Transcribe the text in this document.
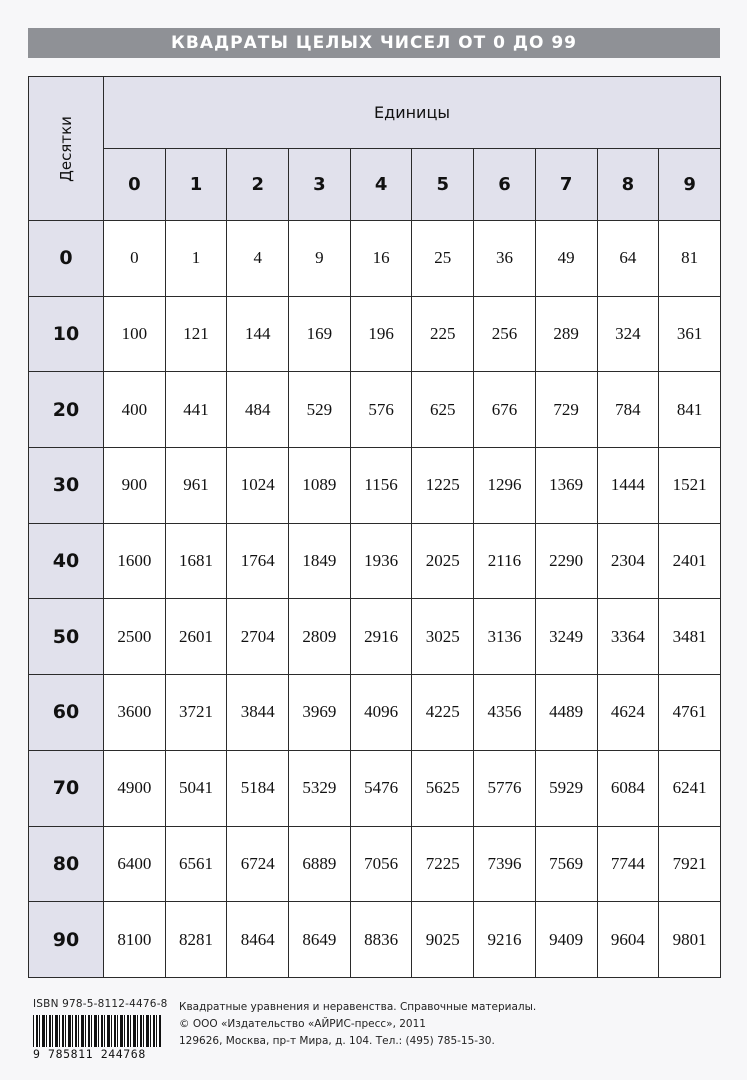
КВАДРАТЫ ЦЕЛЫХ ЧИСЕЛ ОТ 0 ДО 99
Десятки	Единицы									
	0	1	2	3	4	5	6	7	8	9
0	0	1	4	9	16	25	36	49	64	81
10	100	121	144	169	196	225	256	289	324	361
20	400	441	484	529	576	625	676	729	784	841
30	900	961	1024	1089	1156	1225	1296	1369	1444	1521
40	1600	1681	1764	1849	1936	2025	2116	2290	2304	2401
50	2500	2601	2704	2809	2916	3025	3136	3249	3364	3481
60	3600	3721	3844	3969	4096	4225	4356	4489	4624	4761
70	4900	5041	5184	5329	5476	5625	5776	5929	6084	6241
80	6400	6561	6724	6889	7056	7225	7396	7569	7744	7921
90	8100	8281	8464	8649	8836	9025	9216	9409	9604	9801
ISBN 978-5-8112-4476-8
9 785811 244768
Квадратные уравнения и неравенства. Справочные материалы.
© ООО «Издательство «АЙРИС-пресс», 2011
129626, Москва, пр-т Мира, д. 104. Тел.: (495) 785-15-30.
